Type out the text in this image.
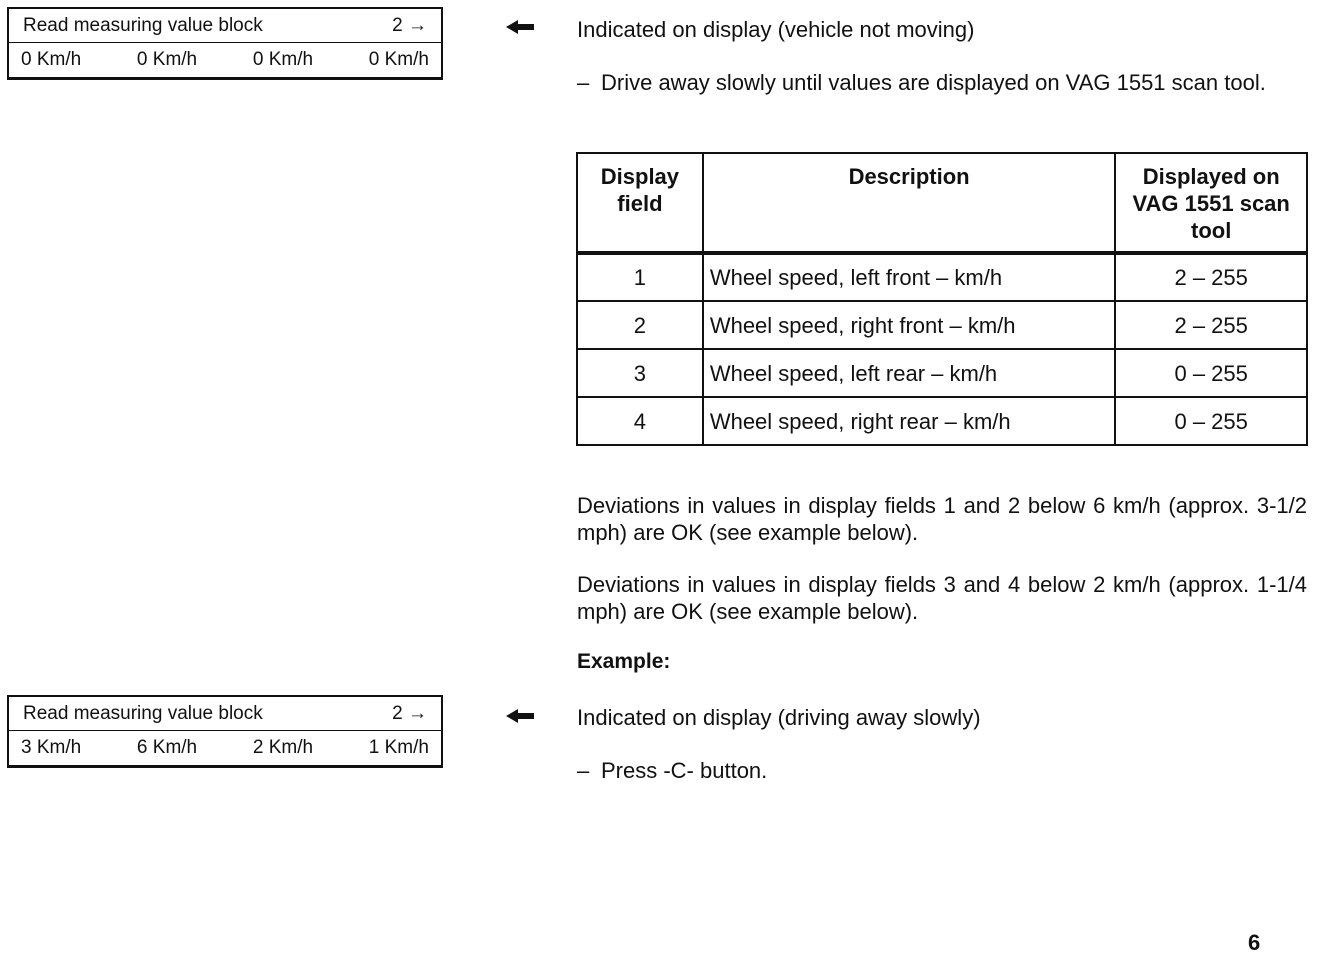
Read measuring value block	2 →
0 Km/h	0 Km/h	0 Km/h	0 Km/h
Indicated on display (vehicle not moving)
– Drive away slowly until values are displayed on VAG 1551 scan tool.
Display field	Description	Displayed on VAG 1551 scan tool
1	Wheel speed, left front – km/h	2 – 255
2	Wheel speed, right front – km/h	2 – 255
3	Wheel speed, left rear – km/h	0 – 255
4	Wheel speed, right rear – km/h	0 – 255
Deviations in values in display fields 1 and 2 below 6 km/h (approx. 3-1/2 mph) are OK (see example below).
Deviations in values in display fields 3 and 4 below 2 km/h (approx. 1-1/4 mph) are OK (see example below).
Example:
Read measuring value block	2 →
3 Km/h	6 Km/h	2 Km/h	1 Km/h
Indicated on display (driving away slowly)
– Press -C- button.
6
